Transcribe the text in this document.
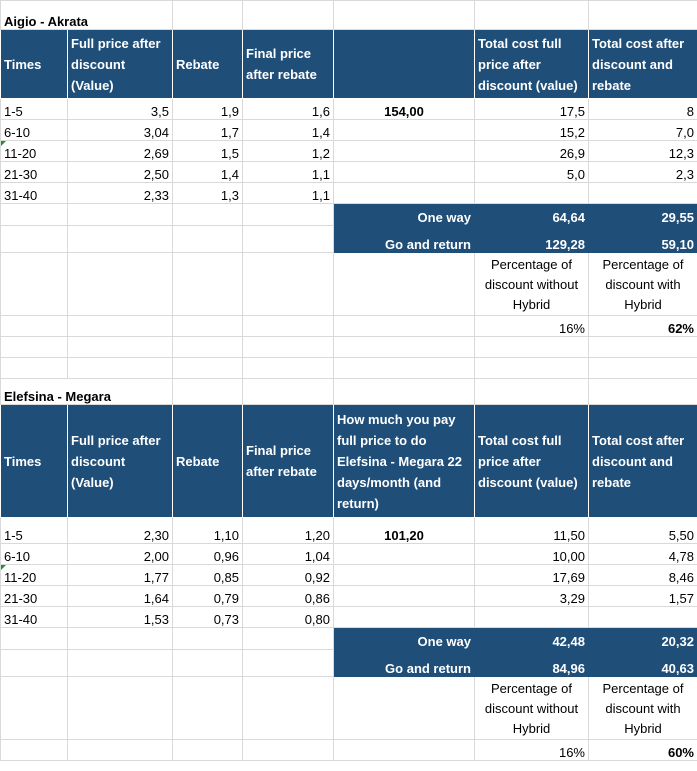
Aigio - Akrata						
Times	Full price after discount (Value)	Rebate	Final price after rebate		Total cost full price after discount (value)	Total cost after discount and rebate
1-5	3,5	1,9	1,6	154,00	17,5	8
6-10	3,04	1,7	1,4		15,2	7,0
11-20	2,69	1,5	1,2		26,9	12,3
21-30	2,50	1,4	1,1		5,0	2,3
31-40	2,33	1,3	1,1			
				One way	64,64	29,55
				Go and return	129,28	59,10
					Percentage of discount without Hybrid	Percentage of discount with Hybrid
					16%	62%

Elefsina - Megara						
Times	Full price after discount (Value)	Rebate	Final price after rebate	How much you pay full price to do Elefsina - Megara 22 days/month (and return)	Total cost full price after discount (value)	Total cost after discount and rebate
1-5	2,30	1,10	1,20	101,20	11,50	5,50
6-10	2,00	0,96	1,04		10,00	4,78
11-20	1,77	0,85	0,92		17,69	8,46
21-30	1,64	0,79	0,86		3,29	1,57
31-40	1,53	0,73	0,80			
				One way	42,48	20,32
				Go and return	84,96	40,63
					Percentage of discount without Hybrid	Percentage of discount with Hybrid
					16%	60%
